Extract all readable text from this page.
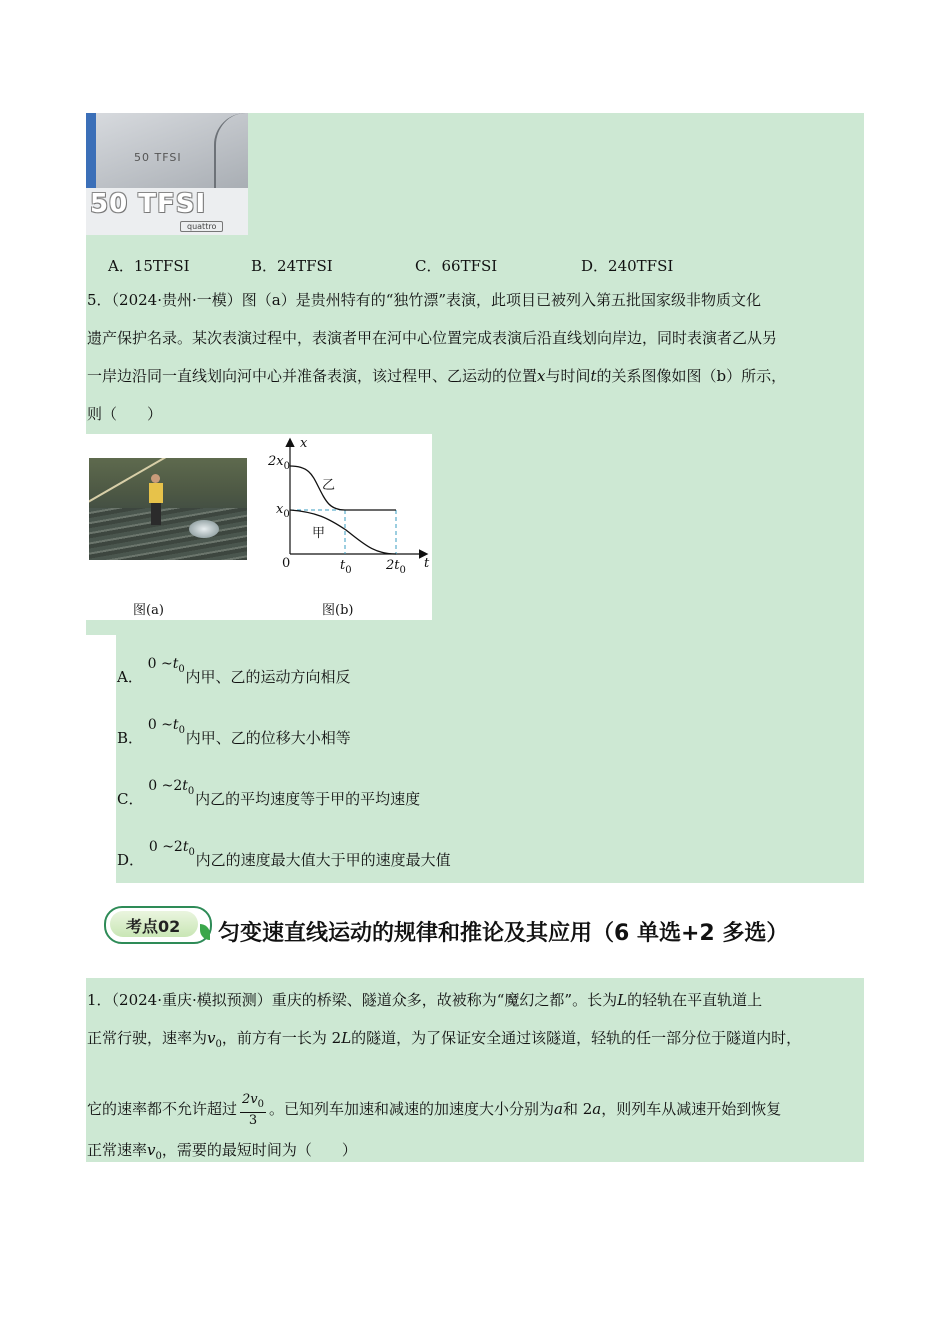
50 TFSI
50 TFSI
quattro
A．15TFSI	B．24TFSI	C．66TFSI	D．240TFSI
5．（2024·贵州·一模）图（a）是贵州特有的“独竹漂”表演，此项目已被列入第五批国家级非物质文化
遗产保护名录。某次表演过程中，表演者甲在河中心位置完成表演后沿直线划向岸边，同时表演者乙从另
一岸边沿同一直线划向河中心并准备表演，该过程甲、乙运动的位置x与时间t的关系图像如图（b）所示，
则（　　）
图(a)
x
t
$2x_0$
$x_0$
0	$t_0$	$2t_0$
乙
甲
图(b)
A． 0 $\sim t_0$ 内甲、乙的运动方向相反
B． 0 $\sim t_0$ 内甲、乙的位移大小相等
C． 0 $\sim 2t_0$ 内乙的平均速度等于甲的平均速度
D． 0 $\sim 2t_0$ 内乙的速度最大值大于甲的速度最大值
考点02 匀变速直线运动的规律和推论及其应用（6 单选+2 多选）
1．（2024·重庆·模拟预测）重庆的桥梁、隧道众多，故被称为“魔幻之都”。长为L的轻轨在平直轨道上
正常行驶，速率为$v_0$，前方有一长为 2L的隧道，为了保证安全通过该隧道，轻轨的任一部分位于隧道内时，
它的速率都不允许超过 $\frac{2v_0}{3}$ 。已知列车加速和减速的加速度大小分别为a和 2a，则列车从减速开始到恢复
正常速率$v_0$，需要的最短时间为（　　）
